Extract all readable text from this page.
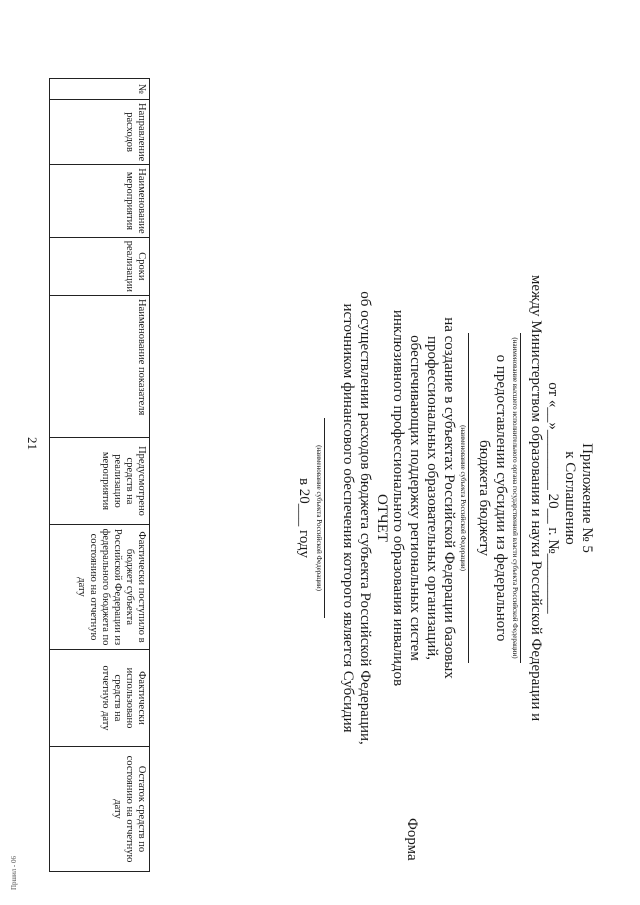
21	Приложение № 5
к Соглашению
от «__»________ 20__ г. №________
между Министерством образования и науки Российской Федерации и
(наименование высшего исполнительного органа государственной власти субъекта Российской Федерации)
о предоставлении субсидии из федерального
бюджета бюджету
(наименование субъекта Российской Федерации)
на создание в субъектах Российской Федерации базовых
профессиональных образовательных организаций,
обеспечивающих поддержку региональных систем
инклюзивного профессионального образования инвалидов
Форма
ОТЧЕТ
об осуществлении расходов бюджета субъекта Российской Федерации,
источником финансового обеспечения которого является Субсидия
(наименование субъекта Российской Федерации)
в 20___ году
№	Направление расходов	Наименование мероприятия	Сроки реализации	Наименование показателя	Предусмотрено средств на реализацию мероприятия	Фактически поступило в бюджет субъекта Российской Федерации из федерального бюджета по состоянию на отчетную дату	Фактически использовано средств на отчетную дату	Остаток средств по состоянию на отчетную дату
Пршил - 06
